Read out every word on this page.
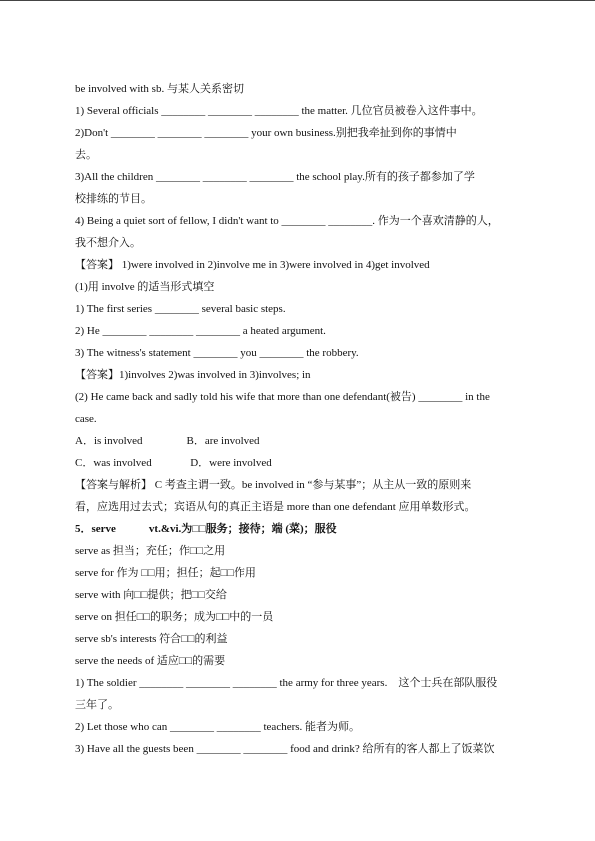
be involved with sb. 与某人关系密切
1) Several officials ________ ________ ________ the matter. 几位官员被卷入这件事中。
2)Don't ________ ________ ________ your own business.别把我牵扯到你的事情中
去。
3)All the children ________ ________ ________ the school play.所有的孩子都参加了学
校排练的节目。
4) Being a quiet sort of fellow, I didn't want to ________ ________. 作为一个喜欢清静的人，
我不想介入。
【答案】 1)were involved in 2)involve me in 3)were involved in 4)get involved
(1)用 involve 的适当形式填空
1) The first series ________ several basic steps.
2) He ________ ________ ________ a heated argument.
3) The witness's statement ________ you ________ the robbery.
【答案】1)involves 2)was involved in 3)involves; in
(2) He came back and sadly told his wife that more than one defendant(被告) ________ in the
case.
A．is involved                B．are involved
C．was involved              D．were involved
【答案与解析】 C 考查主谓一致。be involved in “参与某事”；从主从一致的原则来
看，应选用过去式；宾语从句的真正主语是 more than one defendant 应用单数形式。
5．serve            vt.&vi.为□□服务；接待；端 (菜)；服役
serve as 担当；充任；作□□之用
serve for 作为 □□用；担任；起□□作用
serve with 向□□提供；把□□交给
serve on 担任□□的职务；成为□□中的一员
serve sb's interests 符合□□的利益
serve the needs of 适应□□的需要
1) The soldier ________ ________ ________ the army for three years.    这个士兵在部队服役
三年了。
2) Let those who can ________ ________ teachers. 能者为师。
3) Have all the guests been ________ ________ food and drink? 给所有的客人都上了饭菜饮
